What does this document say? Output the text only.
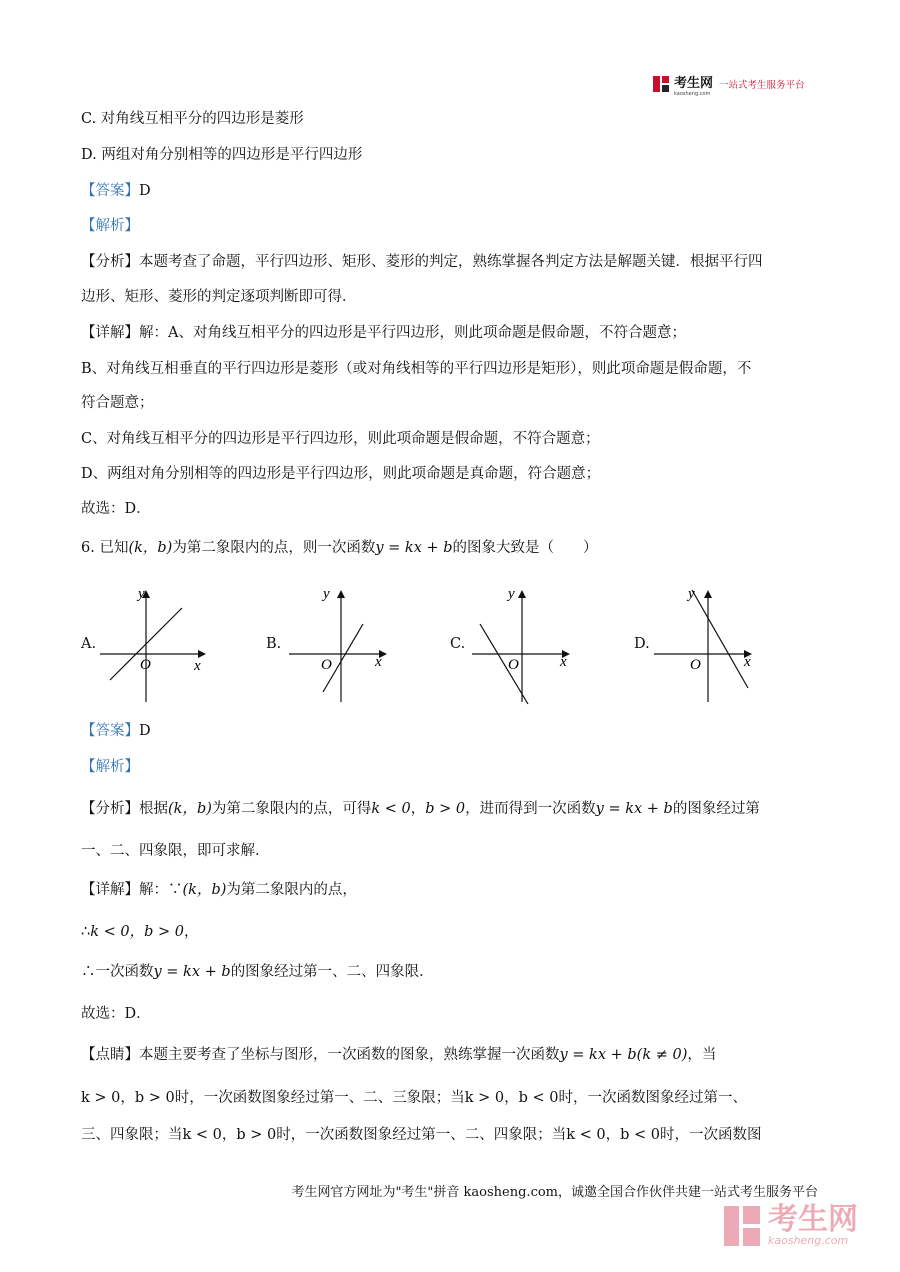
考生网
kaosheng.com
一站式考生服务平台
C. 对角线互相平分的四边形是菱形
D. 两组对角分别相等的四边形是平行四边形
【答案】D
【解析】
【分析】本题考查了命题，平行四边形、矩形、菱形的判定，熟练掌握各判定方法是解题关键．根据平行四
边形、矩形、菱形的判定逐项判断即可得．
【详解】解：A、对角线互相平分的四边形是平行四边形，则此项命题是假命题，不符合题意；
B、对角线互相垂直的平行四边形是菱形（或对角线相等的平行四边形是矩形），则此项命题是假命题，不
符合题意；
C、对角线互相平分的四边形是平行四边形，则此项命题是假命题，不符合题意；
D、两组对角分别相等的四边形是平行四边形，则此项命题是真命题，符合题意；
故选：D．
6. 已知(k，b)为第二象限内的点，则一次函数y = kx + b的图象大致是（　　）
A.	B.	C.	D.
y
x
O
y
x
O
y
x
O
y
x
O
【答案】D
【解析】
【分析】根据(k，b)为第二象限内的点，可得k < 0，b > 0，进而得到一次函数y = kx + b的图象经过第
一、二、四象限，即可求解．
【详解】解：∵(k，b)为第二象限内的点，
∴k < 0，b > 0，
∴一次函数y = kx + b的图象经过第一、二、四象限．
故选：D．
【点睛】本题主要考查了坐标与图形，一次函数的图象，熟练掌握一次函数y = kx + b(k ≠ 0)，当
k > 0，b > 0时，一次函数图象经过第一、二、三象限；当k > 0，b < 0时，一次函数图象经过第一、
三、四象限；当k < 0，b > 0时，一次函数图象经过第一、二、四象限；当k < 0，b < 0时，一次函数图
考生网官方网址为"考生"拼音 kaosheng.com，诚邀全国合作伙伴共建一站式考生服务平台
考生网
kaosheng.com
